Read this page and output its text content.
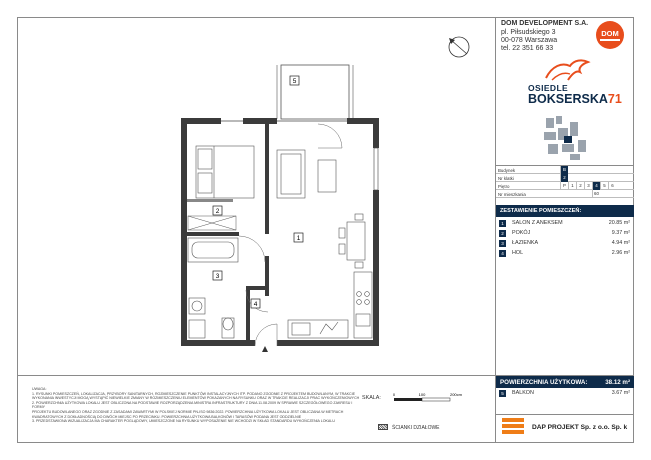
5
2
1
3
4
DOM DEVELOPMENT S.A.
pl. Piłsudskiego 3
00-078 Warszawa
tel. 22 351 66 33
DOM
OSIEDLE
BOKSERSKA71
Budynek	B
Nr klatki	2
Piętro	P	1	2	3	4	5	6
Nr mieszkania	60
ZESTAWIENIE POMIESZCZEŃ:
1	SALON Z ANEKSEM	20.85 m²
2	POKÓJ	9.37 m²
3	ŁAZIENKA	4.94 m²
4	HOL	2.96 m²
POWIERZCHNIA UŻYTKOWA:	38.12 m²
5	BALKON	3.67 m²
DAP PROJEKT Sp. z o.o. Sp. k
UWAGA:
1. RYSUNKI POMIESZCZEŃ, LOKALIZACJA, PRZYBORY SANITARNYCH, ROZMIESZCZENIE PUNKTÓW INSTALACYJNYCH ITP. PODANO ZGODNIE Z PROJEKTEM BUDOWLANYM. W TRAKCIE
WYKONANIA INWESTYCJI MOGĄ WYSTĄPIĆ NIEWIELKIE ZMIANY W ROZMIESZCZENIU ELEMENTÓW POKAZANYCH NA RYSUNKU ORAZ W TRAKCIE REALIZACJI PRAC WYKOŃCZENIOWYCH
2. POWIERZCHNIA UŻYTKOWA LOKALU JEST OBLICZONA NA PODSTAWIE ROZPORZĄDZENIA MINISTRA INFRASTRUKTURY Z DNIA 11.08.2009 W SPRAWIE SZCZEGÓŁOWEGO ZAKRESU I FORMY
PROJEKTU BUDOWLANEGO ORAZ ZGODNIE Z ZASADAMI ZAWARTYMI W POLSKIEJ NORMIE PN-ISO 9836:2022. POWIERZCHNIA UŻYTKOWA LOKALU JEST OBLICZANA W METRACH
KWADRATOWYCH Z DOKŁADNOŚCIĄ DO DWÓCH MIEJSC PO PRZECINKU. POWIERZCHNIA UŻYTKOWA BALKONÓW I TARASÓW PODANA JEST ODDZIELNIE
3. PRZEDSTAWIONA WIZUALIZACJA MA CHARAKTER POGLĄDOWY, UMIESZCZONE NA RYSUNKU WYPOSAŻENIE NIE WCHODZI W SKŁAD STANDARDU WYKOŃCZENIA LOKALU
SKALA:
0	100	200cm
ŚCIANKI DZIAŁOWE
